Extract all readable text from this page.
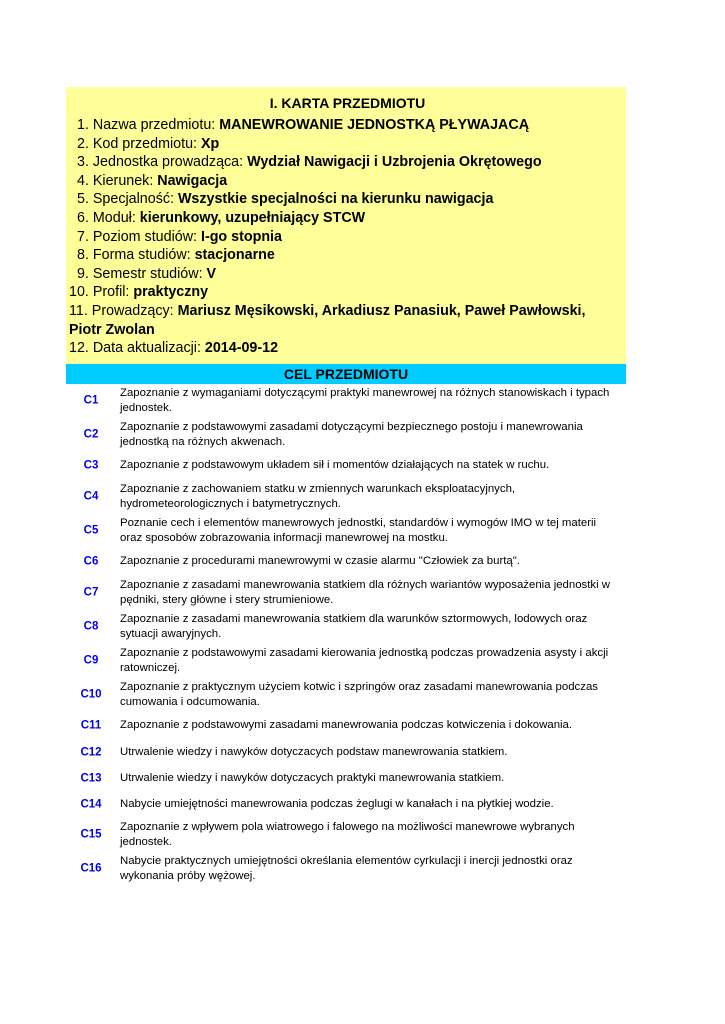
I. KARTA PRZEDMIOTU
1. Nazwa przedmiotu: MANEWROWANIE JEDNOSTKĄ PŁYWAJACĄ
2. Kod przedmiotu: Xp
3. Jednostka prowadząca: Wydział Nawigacji i Uzbrojenia Okrętowego
4. Kierunek: Nawigacja
5. Specjalność: Wszystkie specjalności na kierunku nawigacja
6. Moduł: kierunkowy, uzupełniający STCW
7. Poziom studiów: I-go stopnia
8. Forma studiów: stacjonarne
9. Semestr studiów: V
10. Profil: praktyczny
11. Prowadzący: Mariusz Męsikowski, Arkadiusz Panasiuk, Paweł Pawłowski,
Piotr Zwolan
12. Data aktualizacji: 2014-09-12
CEL PRZEDMIOTU
C1
Zapoznanie z wymaganiami dotyczącymi praktyki manewrowej na różnych stanowiskach i typach jednostek.
C2
Zapoznanie z podstawowymi zasadami dotyczącymi bezpiecznego postoju i manewrowania jednostką na różnych akwenach.
C3	Zapoznanie z podstawowym układem sił i momentów działających na statek w ruchu.
C4
Zapoznanie z zachowaniem statku w zmiennych warunkach eksploatacyjnych, hydrometeorologicznych i batymetrycznych.
C5
Poznanie cech i elementów manewrowych jednostki, standardów i wymogów IMO w tej materii oraz sposobów zobrazowania informacji manewrowej na mostku.
C6	Zapoznanie z procedurami manewrowymi w czasie alarmu "Człowiek za burtą".
C7
Zapoznanie z zasadami manewrowania statkiem dla różnych wariantów wyposażenia jednostki w pędniki, stery główne i stery strumieniowe.
C8
Zapoznanie z zasadami manewrowania statkiem dla warunków sztormowych, lodowych oraz sytuacji awaryjnych.
C9
Zapoznanie z podstawowymi zasadami kierowania jednostką podczas prowadzenia asysty i akcji ratowniczej.
C10
Zapoznanie z praktycznym użyciem kotwic i szpringów oraz zasadami manewrowania podczas cumowania i odcumowania.
C11	Zapoznanie z podstawowymi zasadami manewrowania podczas kotwiczenia i dokowania.
C12	Utrwalenie wiedzy i nawyków dotyczacych podstaw manewrowania statkiem.
C13	Utrwalenie wiedzy i nawyków dotyczacych praktyki manewrowania statkiem.
C14	Nabycie umiejętności manewrowania podczas żeglugi w kanałach i na płytkiej wodzie.
C15
Zapoznanie z wpływem pola wiatrowego i falowego na możliwości manewrowe wybranych jednostek.
C16
Nabycie praktycznych umiejętności określania elementów cyrkulacji i inercji jednostki oraz wykonania próby wężowej.
